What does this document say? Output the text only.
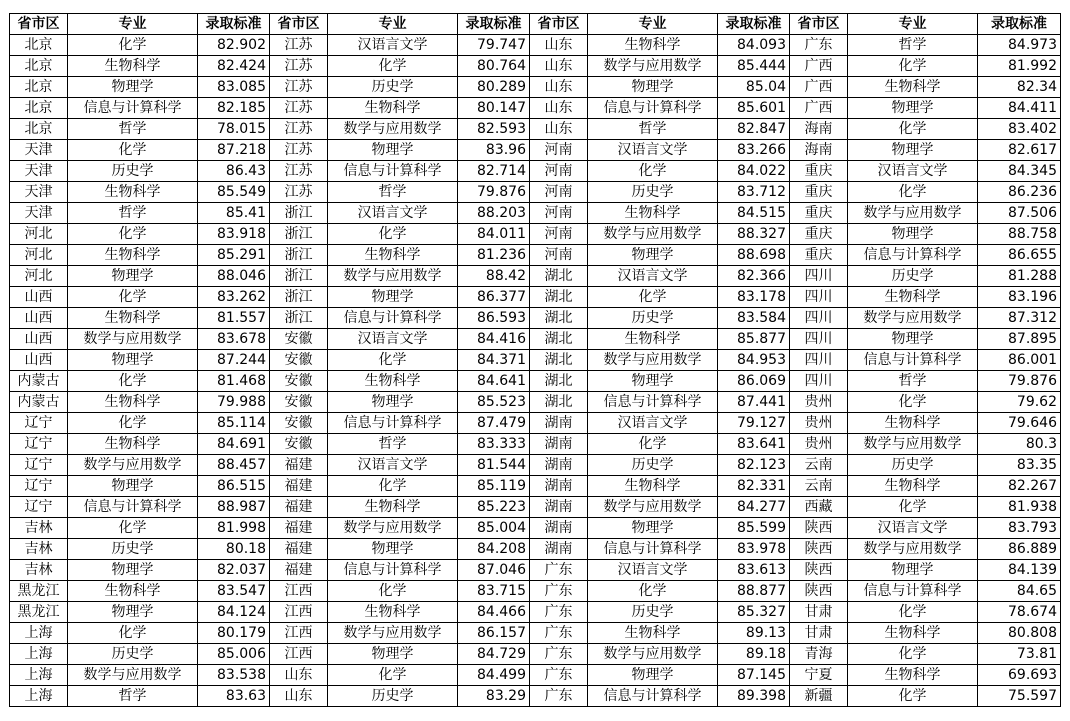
省市区	专业	录取标准	省市区	专业	录取标准	省市区	专业	录取标准	省市区	专业	录取标准
北京	化学	82.902	江苏	汉语言文学	79.747	山东	生物科学	84.093	广东	哲学	84.973
北京	生物科学	82.424	江苏	化学	80.764	山东	数学与应用数学	85.444	广西	化学	81.992
北京	物理学	83.085	江苏	历史学	80.289	山东	物理学	85.04	广西	生物科学	82.34
北京	信息与计算科学	82.185	江苏	生物科学	80.147	山东	信息与计算科学	85.601	广西	物理学	84.411
北京	哲学	78.015	江苏	数学与应用数学	82.593	山东	哲学	82.847	海南	化学	83.402
天津	化学	87.218	江苏	物理学	83.96	河南	汉语言文学	83.266	海南	物理学	82.617
天津	历史学	86.43	江苏	信息与计算科学	82.714	河南	化学	84.022	重庆	汉语言文学	84.345
天津	生物科学	85.549	江苏	哲学	79.876	河南	历史学	83.712	重庆	化学	86.236
天津	哲学	85.41	浙江	汉语言文学	88.203	河南	生物科学	84.515	重庆	数学与应用数学	87.506
河北	化学	83.918	浙江	化学	84.011	河南	数学与应用数学	88.327	重庆	物理学	88.758
河北	生物科学	85.291	浙江	生物科学	81.236	河南	物理学	88.698	重庆	信息与计算科学	86.655
河北	物理学	88.046	浙江	数学与应用数学	88.42	湖北	汉语言文学	82.366	四川	历史学	81.288
山西	化学	83.262	浙江	物理学	86.377	湖北	化学	83.178	四川	生物科学	83.196
山西	生物科学	81.557	浙江	信息与计算科学	86.593	湖北	历史学	83.584	四川	数学与应用数学	87.312
山西	数学与应用数学	83.678	安徽	汉语言文学	84.416	湖北	生物科学	85.877	四川	物理学	87.895
山西	物理学	87.244	安徽	化学	84.371	湖北	数学与应用数学	84.953	四川	信息与计算科学	86.001
内蒙古	化学	81.468	安徽	生物科学	84.641	湖北	物理学	86.069	四川	哲学	79.876
内蒙古	生物科学	79.988	安徽	物理学	85.523	湖北	信息与计算科学	87.441	贵州	化学	79.62
辽宁	化学	85.114	安徽	信息与计算科学	87.479	湖南	汉语言文学	79.127	贵州	生物科学	79.646
辽宁	生物科学	84.691	安徽	哲学	83.333	湖南	化学	83.641	贵州	数学与应用数学	80.3
辽宁	数学与应用数学	88.457	福建	汉语言文学	81.544	湖南	历史学	82.123	云南	历史学	83.35
辽宁	物理学	86.515	福建	化学	85.119	湖南	生物科学	82.331	云南	生物科学	82.267
辽宁	信息与计算科学	88.987	福建	生物科学	85.223	湖南	数学与应用数学	84.277	西藏	化学	81.938
吉林	化学	81.998	福建	数学与应用数学	85.004	湖南	物理学	85.599	陕西	汉语言文学	83.793
吉林	历史学	80.18	福建	物理学	84.208	湖南	信息与计算科学	83.978	陕西	数学与应用数学	86.889
吉林	物理学	82.037	福建	信息与计算科学	87.046	广东	汉语言文学	83.613	陕西	物理学	84.139
黑龙江	生物科学	83.547	江西	化学	83.715	广东	化学	88.877	陕西	信息与计算科学	84.65
黑龙江	物理学	84.124	江西	生物科学	84.466	广东	历史学	85.327	甘肃	化学	78.674
上海	化学	80.179	江西	数学与应用数学	86.157	广东	生物科学	89.13	甘肃	生物科学	80.808
上海	历史学	85.006	江西	物理学	84.729	广东	数学与应用数学	89.18	青海	化学	73.81
上海	数学与应用数学	83.538	山东	化学	84.499	广东	物理学	87.145	宁夏	生物科学	69.693
上海	哲学	83.63	山东	历史学	83.29	广东	信息与计算科学	89.398	新疆	化学	75.597
